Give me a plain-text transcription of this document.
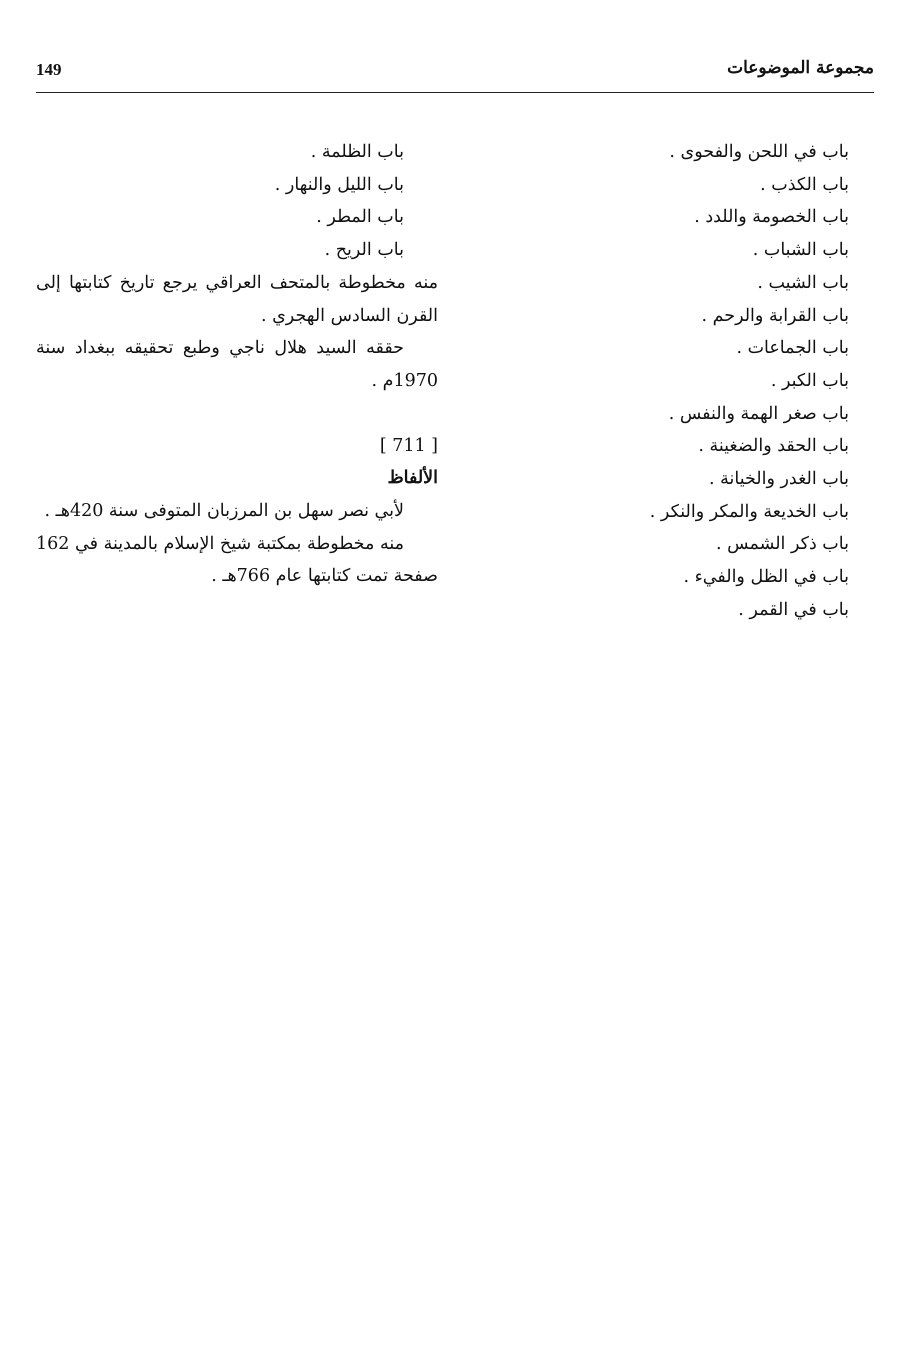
149	مجموعة الموضوعات
باب في اللحن والفحوى .
باب الكذب .
باب الخصومة واللدد .
باب الشباب .
باب الشيب .
باب القرابة والرحم .
باب الجماعات .
باب الكبر .
باب صغر الهمة والنفس .
باب الحقد والضغينة .
باب الغدر والخيانة .
باب الخديعة والمكر والنكر .
باب ذكر الشمس .
باب في الظل والفيء .
باب في القمر .
باب الظلمة .
باب الليل والنهار .
باب المطر .
باب الريح .
منه مخطوطة بالمتحف العراقي يرجع تاريخ كتابتها إلى
القرن السادس الهجري .
حققه السيد هلال ناجي وطبع تحقيقه ببغداد سنة
1970م .
[ 711 ]
الألفاظ
لأبي نصر سهل بن المرزبان المتوفى سنة 420هـ .
منه مخطوطة بمكتبة شيخ الإسلام بالمدينة في 162
صفحة تمت كتابتها عام 766هـ .
